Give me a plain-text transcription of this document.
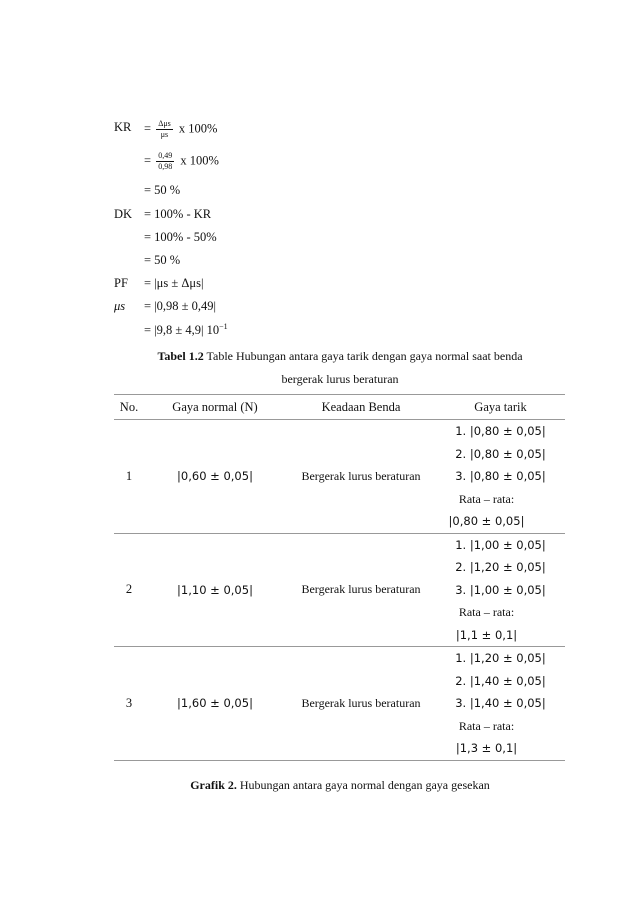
KR = $\frac{\text{Δμs}}{\mu s}$ x 100%
= $\frac{0,49}{0,98}$ x 100%
= 50 %
DK = 100% - KR
= 100% - 50%
= 50 %
PF = |μs ± Δμs|
μs = |0,98 ± 0,49|
= |9,8 ± 4,9| $10^{-1}$
Tabel 1.2 Table Hubungan antara gaya tarik dengan gaya normal saat benda
bergerak lurus beraturan
No.	Gaya normal (N)	Keadaan Benda	Gaya tarik
1	|0,60 ± 0,05|	Bergerak lurus beraturan	1. |0,80 ± 0,05|
2. |0,80 ± 0,05|
3. |0,80 ± 0,05|
Rata – rata:
|0,80 ± 0,05|

2	|1,10 ± 0,05|	Bergerak lurus beraturan	1. |1,00 ± 0,05|
2. |1,20 ± 0,05|
3. |1,00 ± 0,05|
Rata – rata:
|1,1 ± 0,1|

3	|1,60 ± 0,05|	Bergerak lurus beraturan	1. |1,20 ± 0,05|
2. |1,40 ± 0,05|
3. |1,40 ± 0,05|
Rata – rata:
|1,3 ± 0,1|
Grafik 2. Hubungan antara gaya normal dengan gaya gesekan
